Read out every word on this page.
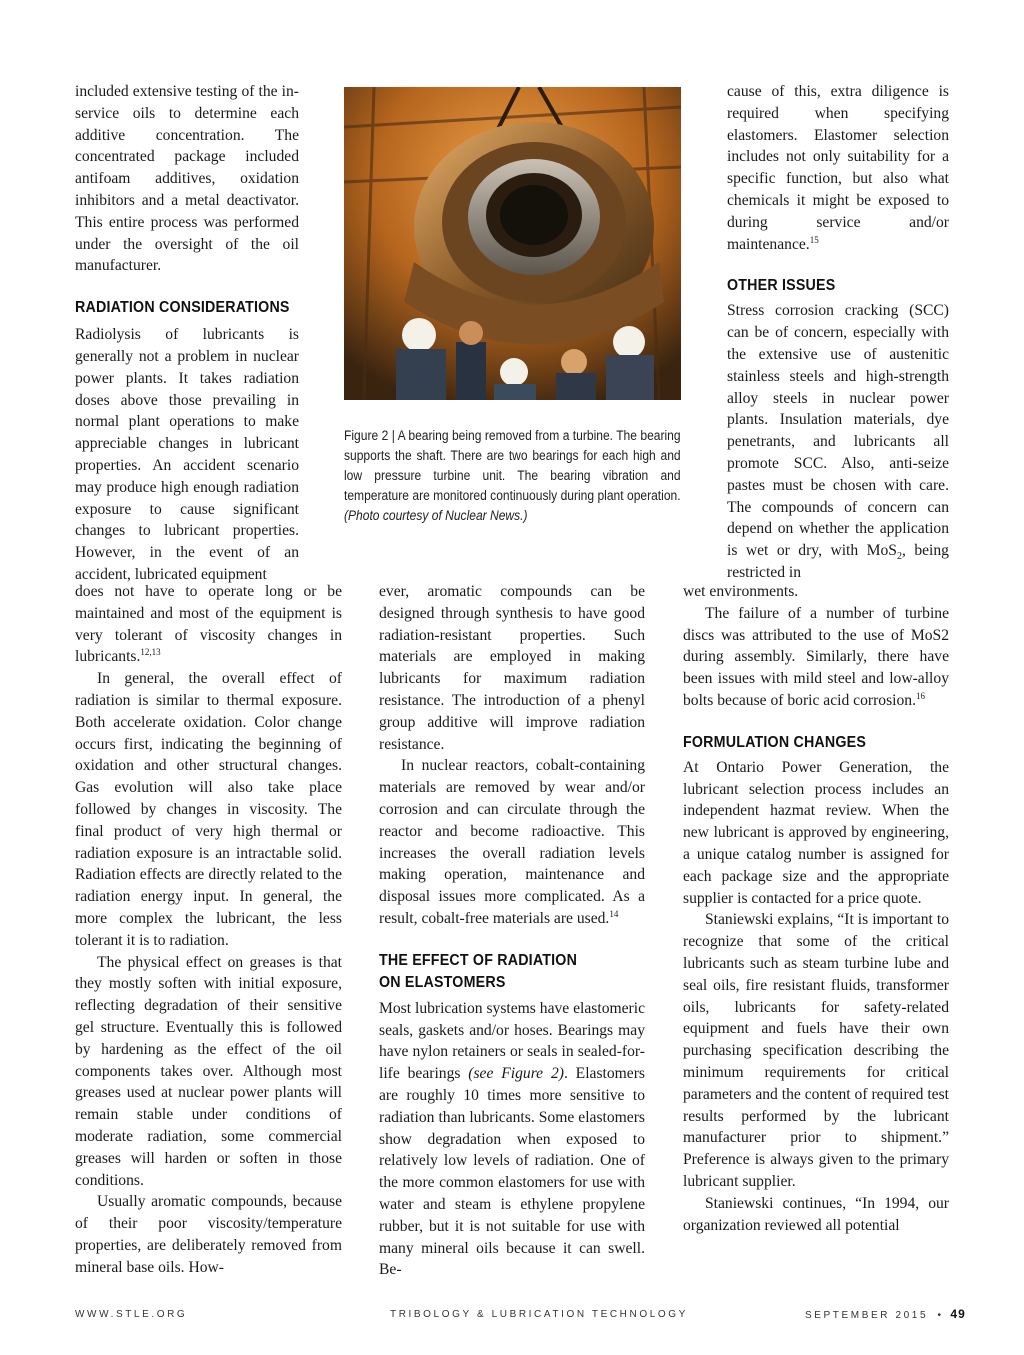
included extensive testing of the in-service oils to determine each additive concentration. The concentrated package included antifoam additives, oxidation inhibitors and a metal deactivator. This entire process was performed under the oversight of the oil manufacturer.

RADIATION CONSIDERATIONS

Radiolysis of lubricants is generally not a problem in nuclear power plants. It takes radiation doses above those prevailing in normal plant operations to make appreciable changes in lubricant properties. An accident scenario may produce high enough radiation exposure to cause significant changes to lubricant properties. However, in the event of an accident, lubricated equipment

does not have to operate long or be maintained and most of the equipment is very tolerant of viscosity changes in lubricants.$^{12,13}$

In general, the overall effect of radiation is similar to thermal exposure. Both accelerate oxidation. Color change occurs first, indicating the beginning of oxidation and other structural changes. Gas evolution will also take place followed by changes in viscosity. The final product of very high thermal or radiation exposure is an intractable solid. Radiation effects are directly related to the radiation energy input. In general, the more complex the lubricant, the less tolerant it is to radiation.

The physical effect on greases is that they mostly soften with initial exposure, reflecting degradation of their sensitive gel structure. Eventually this is followed by hardening as the effect of the oil components takes over. Although most greases used at nuclear power plants will remain stable under conditions of moderate radiation, some commercial greases will harden or soften in those conditions.

Usually aromatic compounds, because of their poor viscosity/temperature properties, are deliberately removed from mineral base oils. How-

Figure 2 | A bearing being removed from a turbine. The bearing supports the shaft. There are two bearings for each high and low pressure turbine unit. The bearing vibration and temperature are monitored continuously during plant operation. (Photo courtesy of Nuclear News.)

ever, aromatic compounds can be designed through synthesis to have good radiation-resistant properties. Such materials are employed in making lubricants for maximum radiation resistance. The introduction of a phenyl group additive will improve radiation resistance.

In nuclear reactors, cobalt-containing materials are removed by wear and/or corrosion and can circulate through the reactor and become radioactive. This increases the overall radiation levels making operation, maintenance and disposal issues more complicated. As a result, cobalt-free materials are used.$^{14}$

THE EFFECT OF RADIATION
ON ELASTOMERS

Most lubrication systems have elastomeric seals, gaskets and/or hoses. Bearings may have nylon retainers or seals in sealed-for-life bearings (see Figure 2). Elastomers are roughly 10 times more sensitive to radiation than lubricants. Some elastomers show degradation when exposed to relatively low levels of radiation. One of the more common elastomers for use with water and steam is ethylene propylene rubber, but it is not suitable for use with many mineral oils because it can swell. Be-

cause of this, extra diligence is required when specifying elastomers. Elastomer selection includes not only suitability for a specific function, but also what chemicals it might be exposed to during service and/or maintenance.$^{15}$

OTHER ISSUES

Stress corrosion cracking (SCC) can be of concern, especially with the extensive use of austenitic stainless steels and high-strength alloy steels in nuclear power plants. Insulation materials, dye penetrants, and lubricants all promote SCC. Also, anti-seize pastes must be chosen with care. The compounds of concern can depend on whether the application is wet or dry, with MoS$_2$, being restricted in

wet environments.

The failure of a number of turbine discs was attributed to the use of MoS2 during assembly. Similarly, there have been issues with mild steel and low-alloy bolts because of boric acid corrosion.$^{16}$

FORMULATION CHANGES

At Ontario Power Generation, the lubricant selection process includes an independent hazmat review. When the new lubricant is approved by engineering, a unique catalog number is assigned for each package size and the appropriate supplier is contacted for a price quote.

Staniewski explains, “It is important to recognize that some of the critical lubricants such as steam turbine lube and seal oils, fire resistant fluids, transformer oils, lubricants for safety-related equipment and fuels have their own purchasing specification describing the minimum requirements for critical parameters and the content of required test results performed by the lubricant manufacturer prior to shipment.” Preference is always given to the primary lubricant supplier.

Staniewski continues, “In 1994, our organization reviewed all potential

WWW.STLE.ORG	TRIBOLOGY & LUBRICATION TECHNOLOGY	SEPTEMBER 2015 • 49
